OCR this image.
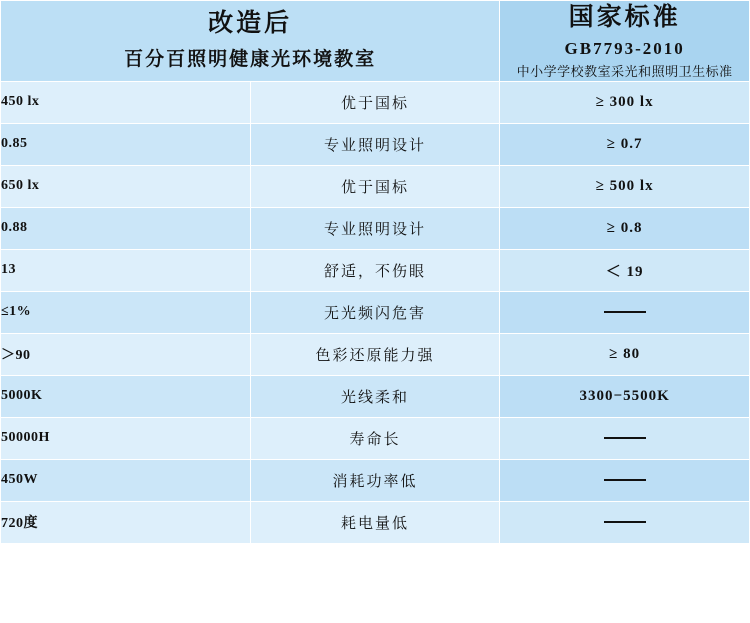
改造后
百分百照明健康光环境教室

国家标准
GB7793-2010
中小学学校教室采光和照明卫生标准

450 lx	优于国标	≥ 300 lx
0.85	专业照明设计	≥ 0.7
650 lx	优于国标	≥ 500 lx
0.88	专业照明设计	≥ 0.8
13	舒适，不伤眼	＜ 19
≤1%	无光频闪危害	
＞90	色彩还原能力强	≥ 80
5000K	光线柔和	3300−5500K
50000H	寿命长	
450W	消耗功率低	
720度	耗电量低	
